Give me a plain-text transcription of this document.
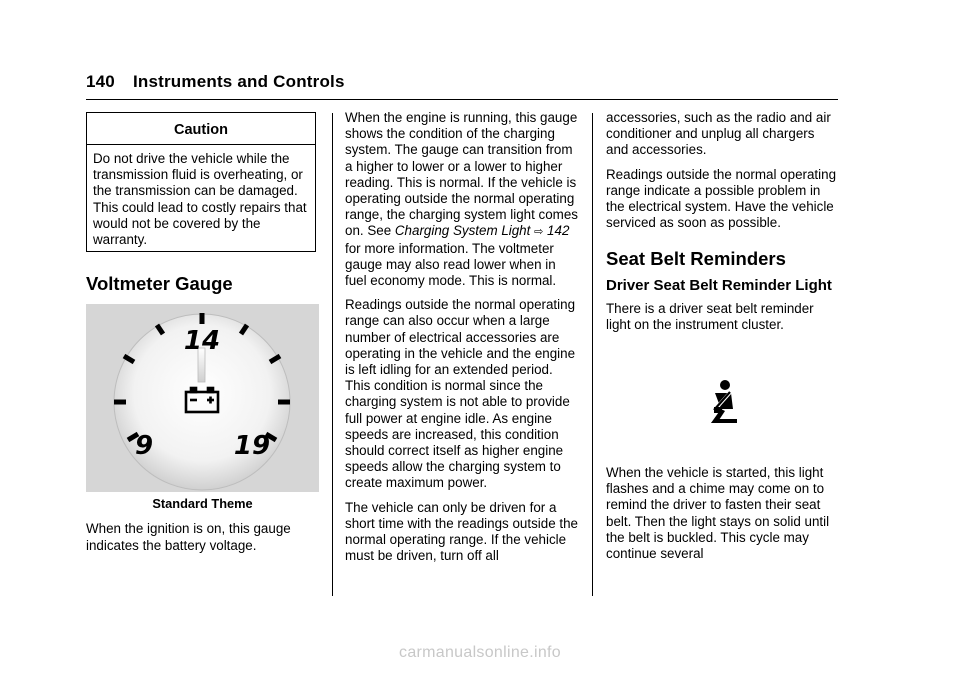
140 Instruments and Controls
Caution
Do not drive the vehicle while the transmission fluid is overheating, or the transmission can be damaged. This could lead to costly repairs that would not be covered by the warranty.
Voltmeter Gauge
14
9	19
Standard Theme

When the ignition is on, this gauge indicates the battery voltage.

When the engine is running, this gauge shows the condition of the charging system. The gauge can transition from a higher to lower or a lower to higher reading. This is normal. If the vehicle is operating outside the normal operating range, the charging system light comes on. See Charging System Light ⇨ 142 for more information. The voltmeter gauge may also read lower when in fuel economy mode. This is normal.

Readings outside the normal operating range can also occur when a large number of electrical accessories are operating in the vehicle and the engine is left idling for an extended period. This condition is normal since the charging system is not able to provide full power at engine idle. As engine speeds are increased, this condition should correct itself as higher engine speeds allow the charging system to create maximum power.

The vehicle can only be driven for a short time with the readings outside the normal operating range. If the vehicle must be driven, turn off all

accessories, such as the radio and air conditioner and unplug all chargers and accessories.

Readings outside the normal operating range indicate a possible problem in the electrical system. Have the vehicle serviced as soon as possible.

Seat Belt Reminders
Driver Seat Belt Reminder Light

There is a driver seat belt reminder light on the instrument cluster.

When the vehicle is started, this light flashes and a chime may come on to remind the driver to fasten their seat belt. Then the light stays on solid until the belt is buckled. This cycle may continue several

carmanualsonline.info
